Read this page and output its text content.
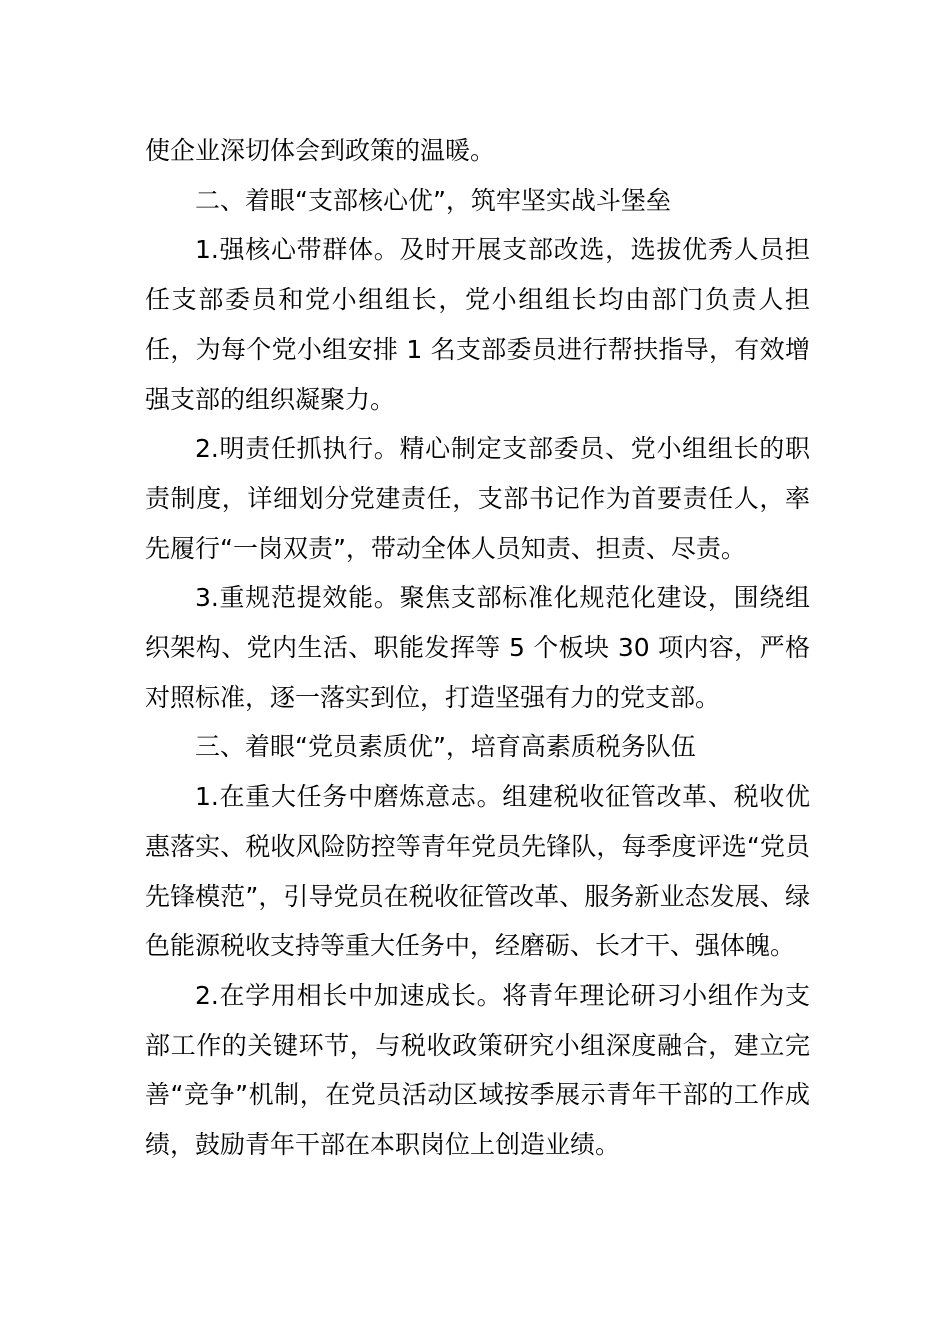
使企业深切体会到政策的温暖。

二、着眼“支部核心优”，筑牢坚实战斗堡垒

1.强核心带群体。及时开展支部改选，选拔优秀人员担任支部委员和党小组组长，党小组组长均由部门负责人担任，为每个党小组安排 1 名支部委员进行帮扶指导，有效增强支部的组织凝聚力。

2.明责任抓执行。精心制定支部委员、党小组组长的职责制度，详细划分党建责任，支部书记作为首要责任人，率先履行“一岗双责”，带动全体人员知责、担责、尽责。

3.重规范提效能。聚焦支部标准化规范化建设，围绕组织架构、党内生活、职能发挥等 5 个板块 30 项内容，严格对照标准，逐一落实到位，打造坚强有力的党支部。

三、着眼“党员素质优”，培育高素质税务队伍

1.在重大任务中磨炼意志。组建税收征管改革、税收优惠落实、税收风险防控等青年党员先锋队，每季度评选“党员先锋模范”，引导党员在税收征管改革、服务新业态发展、绿色能源税收支持等重大任务中，经磨砺、长才干、强体魄。

2.在学用相长中加速成长。将青年理论研习小组作为支部工作的关键环节，与税收政策研究小组深度融合，建立完善“竞争”机制，在党员活动区域按季展示青年干部的工作成绩，鼓励青年干部在本职岗位上创造业绩。
